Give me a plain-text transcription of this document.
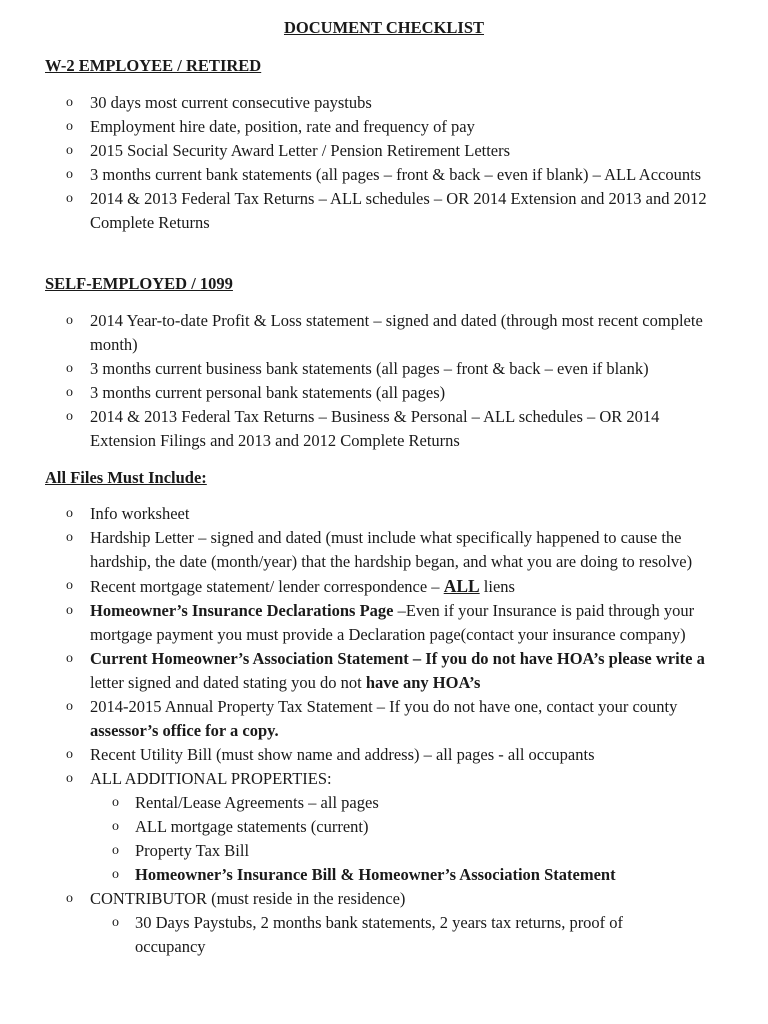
DOCUMENT CHECKLIST
W-2 EMPLOYEE / RETIRED
o 30 days most current consecutive paystubs
o Employment hire date, position, rate and frequency of pay
o 2015 Social Security Award Letter / Pension Retirement Letters
o 3 months current bank statements (all pages – front & back – even if blank) – ALL Accounts
o 2014 & 2013 Federal Tax Returns – ALL schedules – OR 2014 Extension and 2013 and 2012 Complete Returns
SELF-EMPLOYED / 1099
o 2014 Year-to-date Profit & Loss statement – signed and dated (through most recent complete month)
o 3 months current business bank statements (all pages – front & back – even if blank)
o 3 months current personal bank statements (all pages)
o 2014 & 2013 Federal Tax Returns – Business & Personal – ALL schedules – OR 2014 Extension Filings and 2013 and 2012 Complete Returns
All Files Must Include:
o Info worksheet
o Hardship Letter – signed and dated (must include what specifically happened to cause the hardship, the date (month/year) that the hardship began, and what you are doing to resolve)
o Recent mortgage statement/ lender correspondence – ALL liens
o Homeowner’s Insurance Declarations Page –Even if your Insurance is paid through your mortgage payment you must provide a Declaration page(contact your insurance company)
o Current Homeowner’s Association Statement – If you do not have HOA’s please write a letter signed and dated stating you do not have any HOA’s
o 2014-2015 Annual Property Tax Statement – If you do not have one, contact your county assessor’s office for a copy.
o Recent Utility Bill (must show name and address) – all pages - all occupants
o ALL ADDITIONAL PROPERTIES:
o Rental/Lease Agreements – all pages
o ALL mortgage statements (current)
o Property Tax Bill
o Homeowner’s Insurance Bill & Homeowner’s Association Statement
o CONTRIBUTOR (must reside in the residence)
o 30 Days Paystubs, 2 months bank statements, 2 years tax returns, proof of occupancy
